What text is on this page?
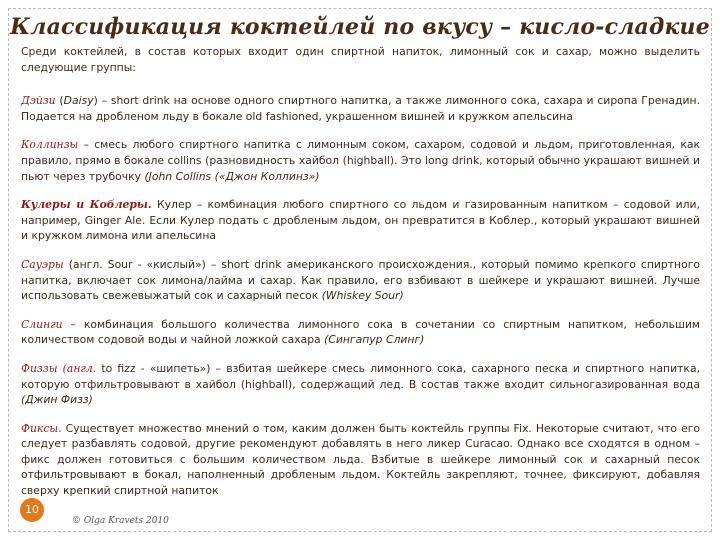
Классификация коктейлей по вкусу – кисло-сладкие

Среди коктейлей, в состав которых входит один спиртной напиток, лимонный сок и сахар, можно выделить следующие группы:

Дэйзи (Daisy) – short drink на основе одного спиртного напитка, а также лимонного сока, сахара и сиропа Гренадин. Подается на дробленом льду в бокале old fashioned, украшенном вишней и кружком апельсина

Коллинзы – смесь любого спиртного напитка с лимонным соком, сахаром, содовой и льдом, приготовленная, как правило, прямо в бокале collins (разновидность хайбол (highball). Это long drink, который обычно украшают вишней и пьют через трубочку (John Collins («Джон Коллинз»)

Кулеры и Коблеры. Кулер – комбинация любого спиртного со льдом и газированным напитком – содовой или, например, Ginger Ale. Если Кулер подать с дробленым льдом, он превратится в Коблер., который украшают вишней и кружком лимона или апельсина

Сауэры (англ. Sour - «кислый») – short drink американского происхождения., который помимо крепкого спиртного напитка, включает сок лимона/лайма и сахар. Как правило, его взбивают в шейкере и украшают вишней. Лучше использовать свежевыжатый сок и сахарный песок (Whiskey Sour)

Слинги – комбинация большого количества лимонного сока в сочетании со спиртным напитком, небольшим количеством содовой воды и чайной ложкой сахара (Сингапур Слинг)

Физзы (англ. to fizz - «шипеть») – взбитая шейкере смесь лимонного сока, сахарного песка и спиртного напитка, которую отфильтровывают в хайбол (highball), содержащий лед. В состав также входит сильногазированная вода (Джин Физз)

Фиксы. Существует множество мнений о том, каким должен быть коктейль группы Fix. Некоторые считают, что его следует разбавлять содовой, другие рекомендуют добавлять в него ликер Curacao. Однако все сходятся в одном – фикс должен готовиться с большим количеством льда. Взбитые в шейкере лимонный сок и сахарный песок отфильтровывают в бокал, наполненный дробленым льдом. Коктейль закрепляют, точнее, фиксируют, добавляя сверху крепкий спиртной напиток

10
© Olga Kravets 2010
